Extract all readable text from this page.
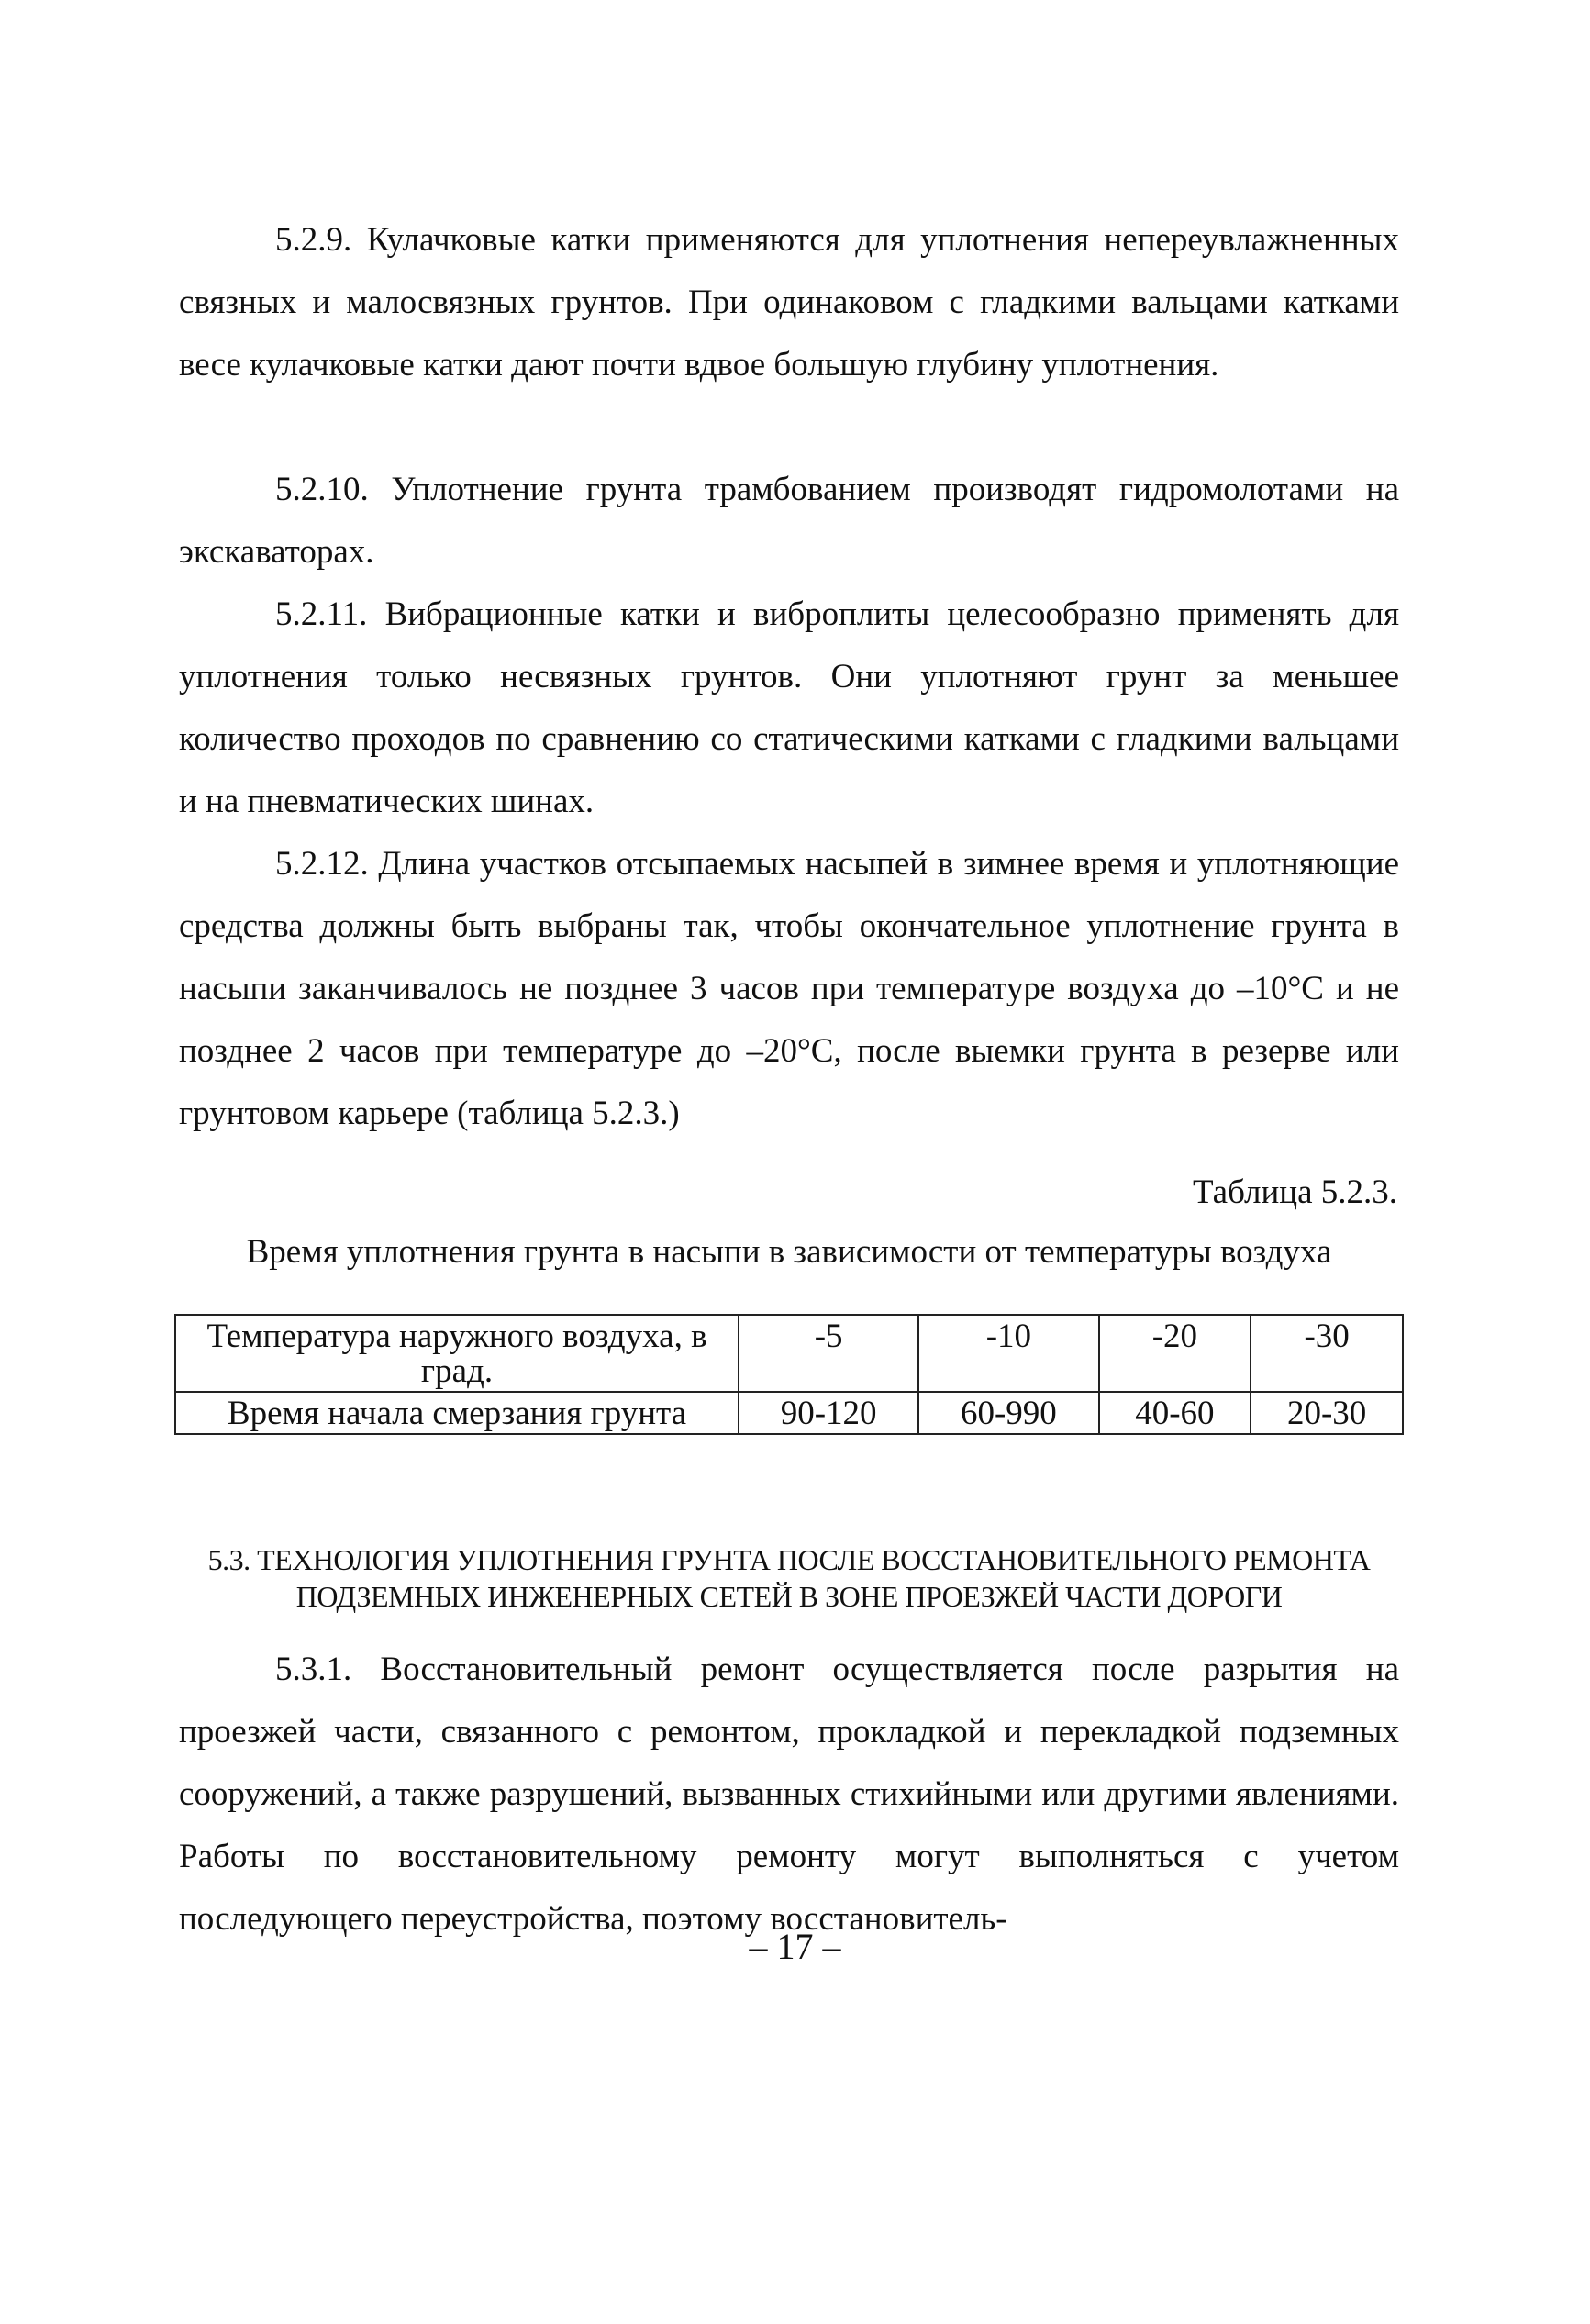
5.2.9. Кулачковые катки применяются для уплотнения непереувлажненных связных и малосвязных грунтов. При одинаковом с гладкими вальцами катками весе кулачковые катки дают почти вдвое большую глубину уплотнения.

5.2.10. Уплотнение грунта трамбованием производят гидромолотами на экскаваторах.

5.2.11. Вибрационные катки и виброплиты целесообразно применять для уплотнения только несвязных грунтов. Они уплотняют грунт за меньшее количество проходов по сравнению со статическими катками с гладкими вальцами и на пневматических шинах.

5.2.12. Длина участков отсыпаемых насыпей в зимнее время и уплотняющие средства должны быть выбраны так, чтобы окончательное уплотнение грунта в насыпи заканчивалось не позднее 3 часов при температуре воздуха до –10°С и не позднее 2 часов при температуре до –20°С, после выемки грунта в резерве или грунтовом карьере (таблица 5.2.3.)

Таблица 5.2.3.
Время уплотнения грунта в насыпи в зависимости от температуры воздуха
Температура наружного воздуха, в град.	-5	-10	-20	-30
Время начала смерзания грунта	90-120	60-990	40-60	20-30
5.3. ТЕХНОЛОГИЯ УПЛОТНЕНИЯ ГРУНТА ПОСЛЕ ВОССТАНОВИТЕЛЬНОГО РЕМОНТА ПОДЗЕМНЫХ ИНЖЕНЕРНЫХ СЕТЕЙ В ЗОНЕ ПРОЕЗЖЕЙ ЧАСТИ ДОРОГИ

5.3.1. Восстановительный ремонт осуществляется после разрытия на проезжей части, связанного с ремонтом, прокладкой и перекладкой подземных сооружений, а также разрушений, вызванных стихийными или другими явлениями. Работы по восстановительному ремонту могут выполняться с учетом последующего переустройства, поэтому восстановитель-

– 17 –
